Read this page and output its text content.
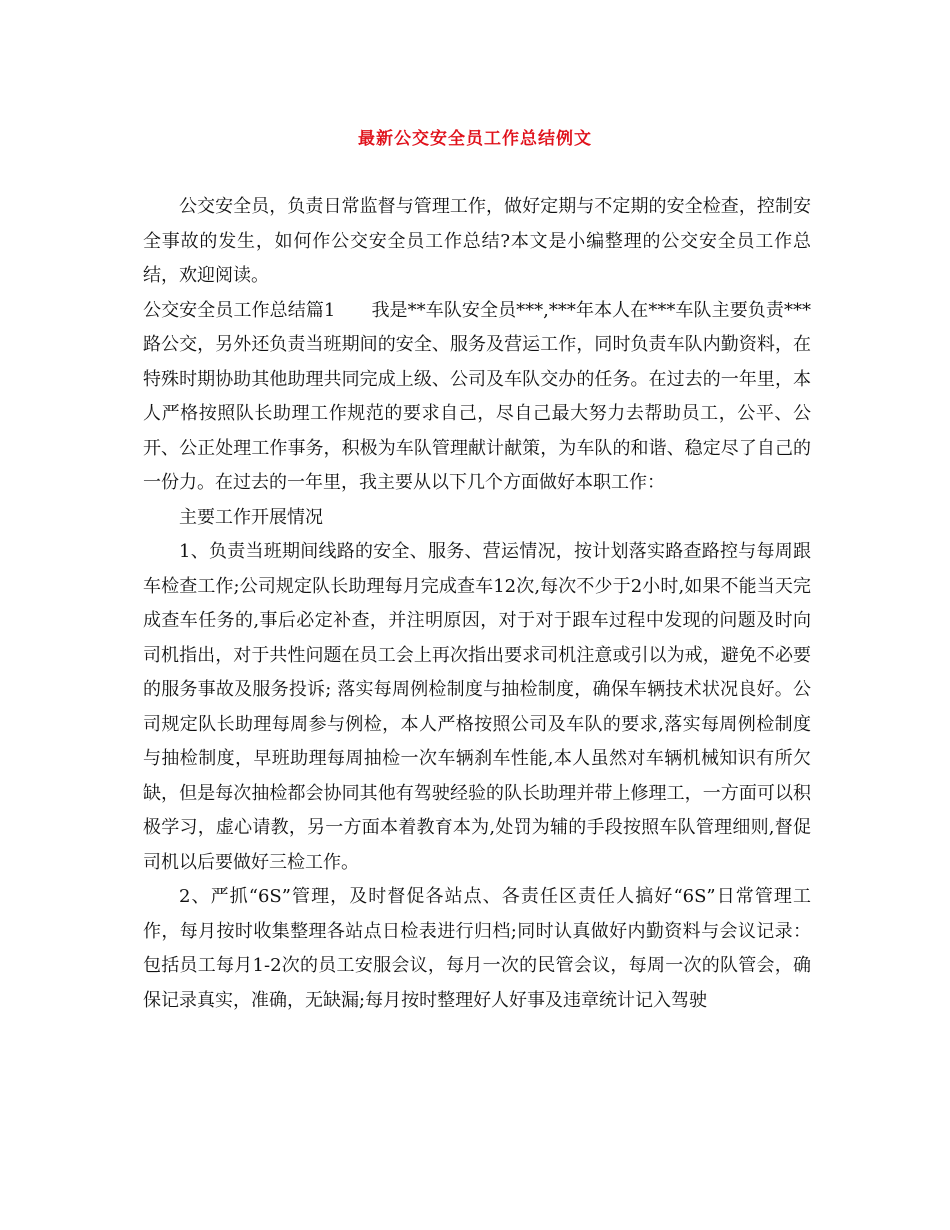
最新公交安全员工作总结例文

公交安全员，负责日常监督与管理工作，做好定期与不定期的安全检查，控制安全事故的发生，如何作公交安全员工作总结?本文是小编整理的公交安全员工作总结，欢迎阅读。

公交安全员工作总结篇1 我是**车队安全员***,***年本人在***车队主要负责***路公交，另外还负责当班期间的安全、服务及营运工作，同时负责车队内勤资料，在特殊时期协助其他助理共同完成上级、公司及车队交办的任务。在过去的一年里，本人严格按照队长助理工作规范的要求自己，尽自己最大努力去帮助员工，公平、公开、公正处理工作事务，积极为车队管理献计献策，为车队的和谐、稳定尽了自己的一份力。在过去的一年里，我主要从以下几个方面做好本职工作：

主要工作开展情况

1、负责当班期间线路的安全、服务、营运情况，按计划落实路查路控与每周跟车检查工作;公司规定队长助理每月完成查车12次,每次不少于2小时,如果不能当天完成查车任务的,事后必定补查，并注明原因，对于对于跟车过程中发现的问题及时向司机指出，对于共性问题在员工会上再次指出要求司机注意或引以为戒，避免不必要的服务事故及服务投诉; 落实每周例检制度与抽检制度，确保车辆技术状况良好。公司规定队长助理每周参与例检，本人严格按照公司及车队的要求,落实每周例检制度与抽检制度，早班助理每周抽检一次车辆刹车性能,本人虽然对车辆机械知识有所欠缺，但是每次抽检都会协同其他有驾驶经验的队长助理并带上修理工，一方面可以积极学习，虚心请教，另一方面本着教育本为,处罚为辅的手段按照车队管理细则,督促司机以后要做好三检工作。

2、严抓“6S”管理，及时督促各站点、各责任区责任人搞好“6S”日常管理工作，每月按时收集整理各站点日检表进行归档;同时认真做好内勤资料与会议记录：包括员工每月1-2次的员工安服会议，每月一次的民管会议，每周一次的队管会，确保记录真实，准确，无缺漏;每月按时整理好人好事及违章统计记入驾驶
